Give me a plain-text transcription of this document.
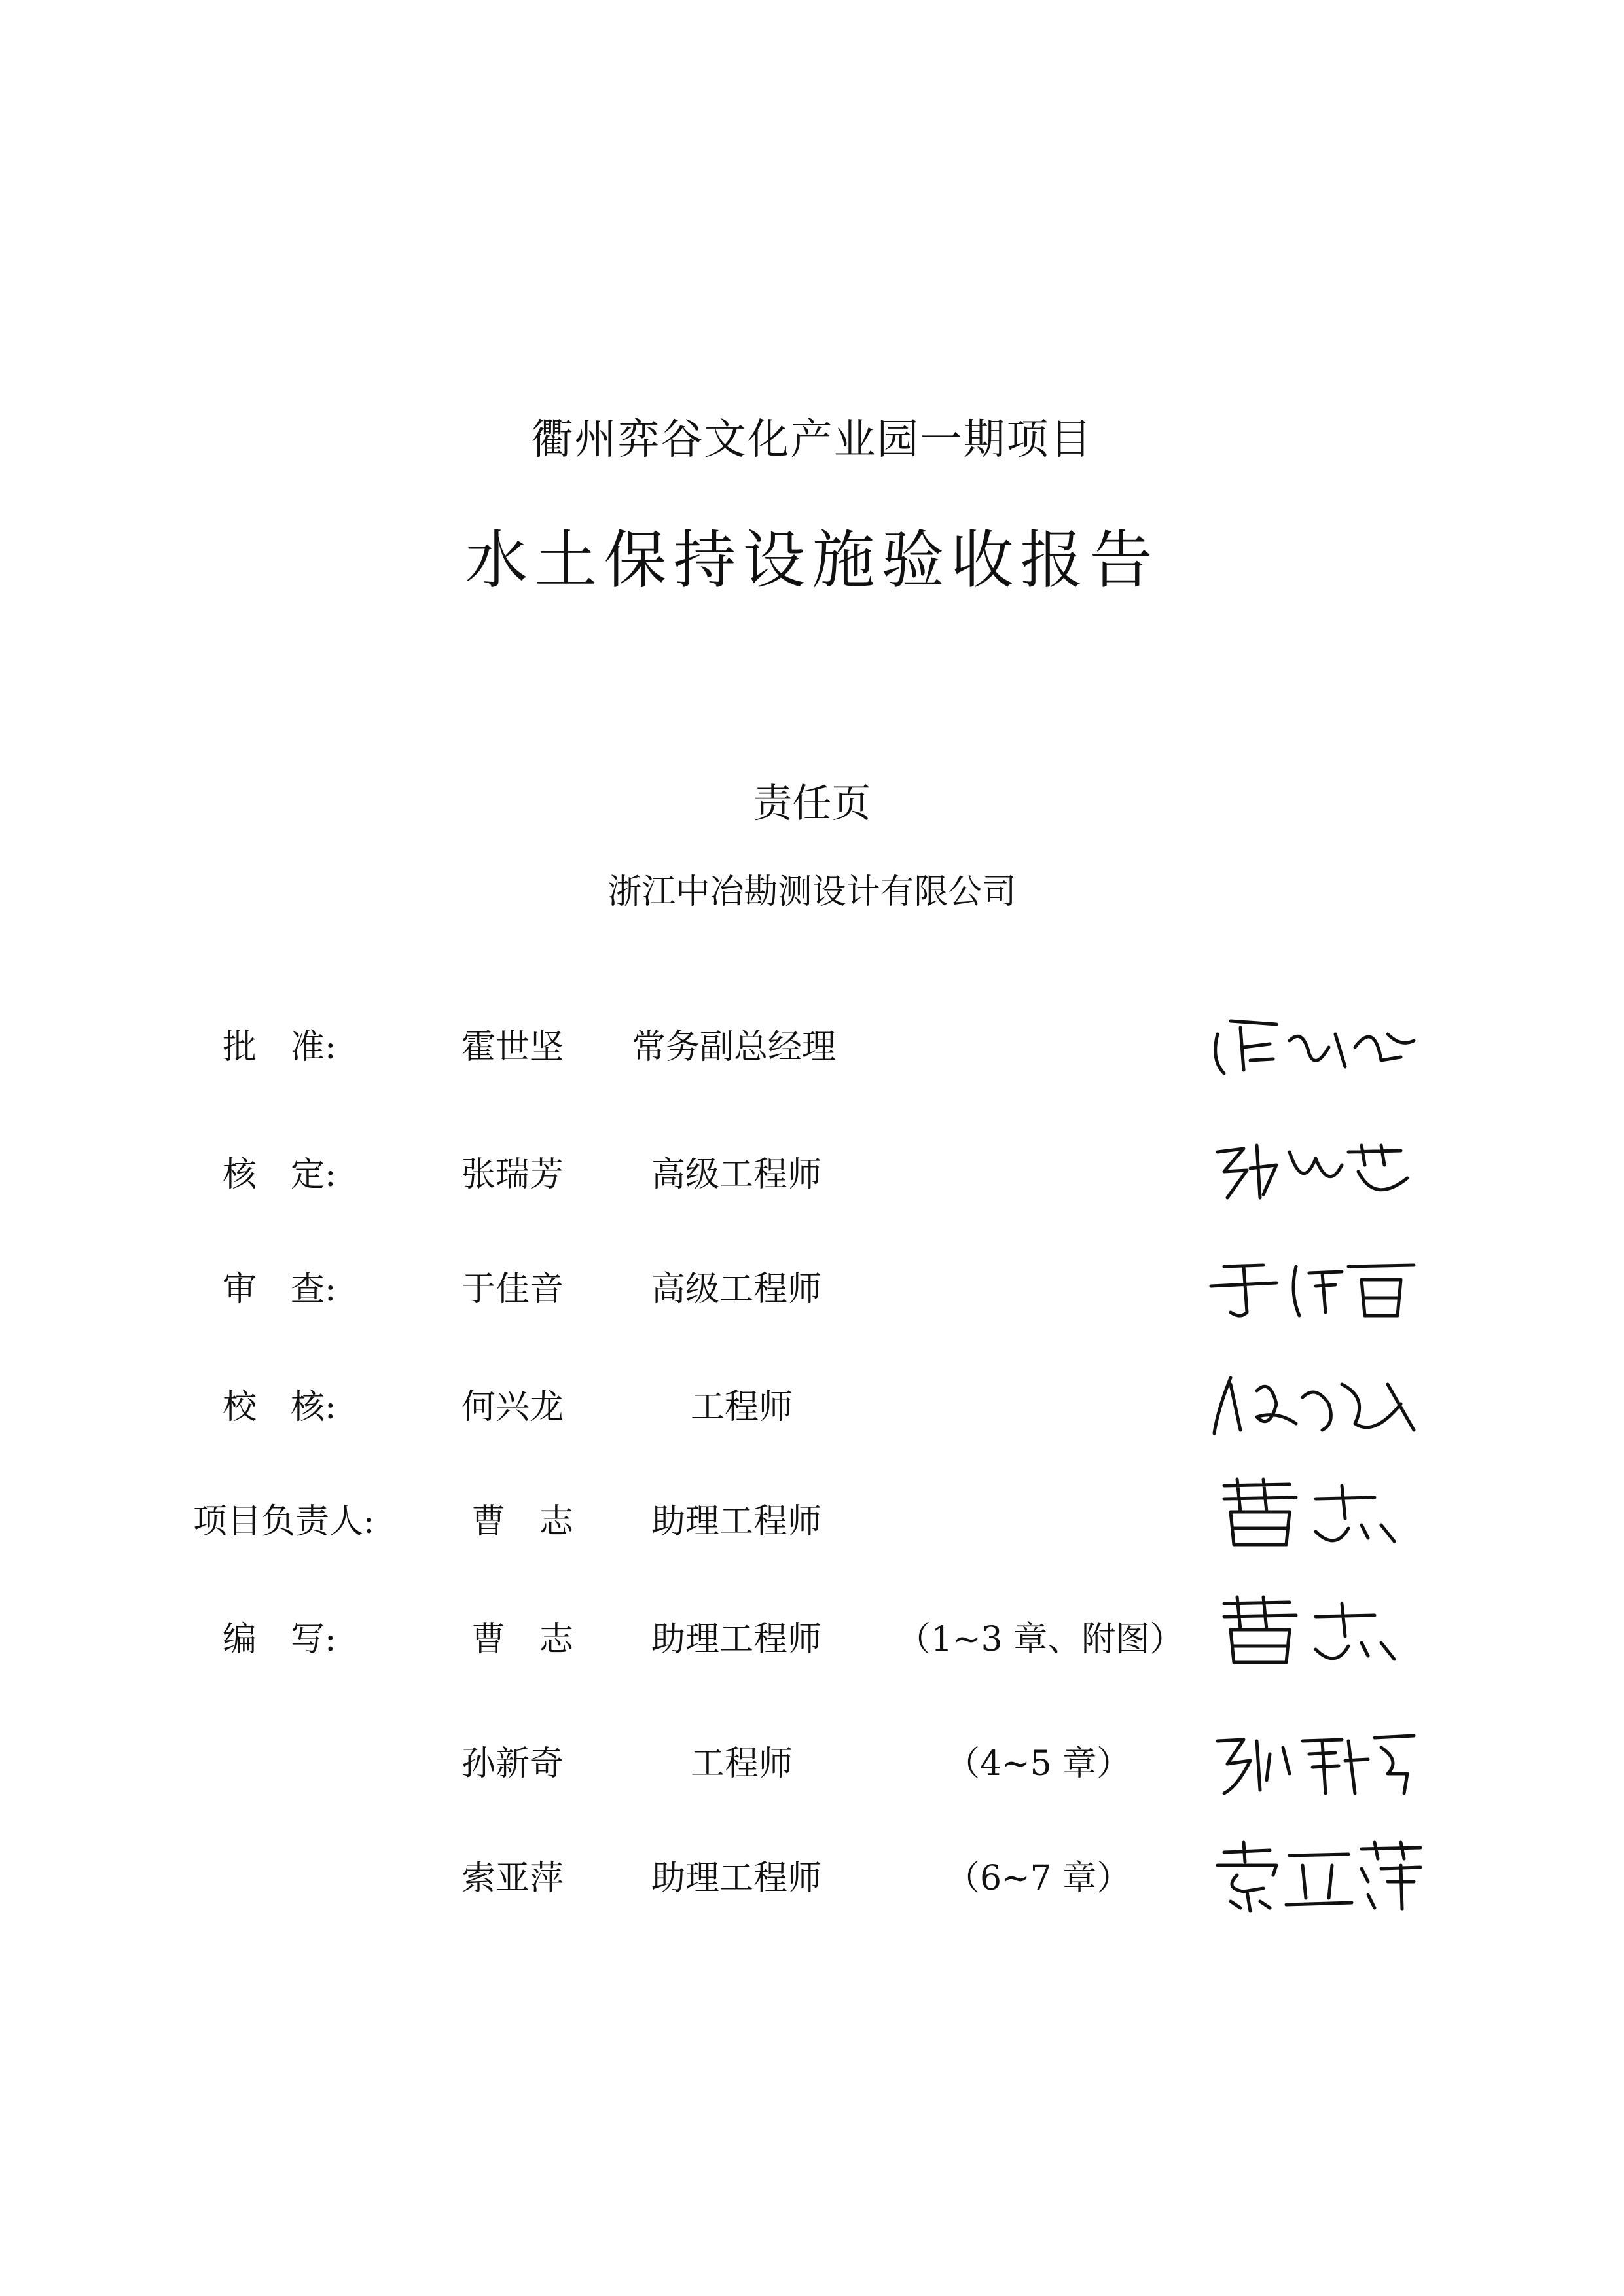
衢州弈谷文化产业园一期项目
水土保持设施验收报告
责任页
浙江中冶勘测设计有限公司
批　准:	霍世坚 常务副总经理
核　定:	张瑞芳	高级工程师
审　查:	于佳音	高级工程师
校　核:	何兴龙	工程师
项目负责人:	曹　志 助理工程师
编　写:	曹　志 助理工程师 （1~3 章、附图）
孙新奇	工程师	（4~5 章）
索亚萍	助理工程师	（6~7 章）
